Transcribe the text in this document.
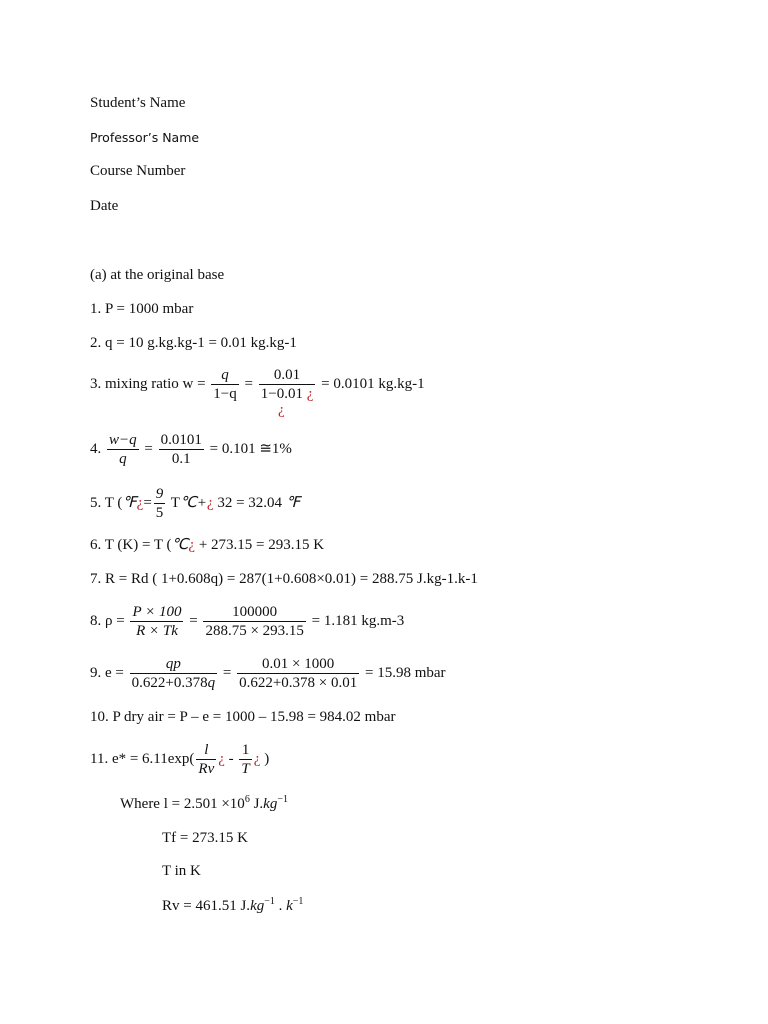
Student’s Name
Professor’s Name
Course Number
Date
(a) at the original base
1. P = 1000 mbar
2. q = 10 g.kg.kg-1 = 0.01 kg.kg-1
3. mixing ratio $w = \frac{q}{1-q} = \frac{0.01}{1-0.01 ¿} = 0.0101$ kg.kg-1
¿
4. $\frac{w-q}{q} = \frac{0.0101}{0.1} = 0.101$ ≅1%
5. T (℉¿= $\frac{9}{5}$ T℃+¿ 32 = 32.04 ℉
6. T (K) = T (℃¿ + 273.15 = 293.15 K
7. R = Rd ( 1+0.608q) = 287(1+0.608×0.01) = 288.75 J.kg-1.k-1
8. $\rho = \frac{P \times 100}{R \times Tk} = \frac{100000}{288.75 \times 293.15} = 1.181$ kg.m-3
9. $e = \frac{qp}{0.622+0.378q} = \frac{0.01 \times 1000}{0.622+0.378 \times 0.01} = 15.98$ mbar
10. P dry air = P – e = 1000 – 15.98 = 984.02 mbar
11. $e* = 6.11\exp( \frac{l}{Rv}$ ¿ - $\frac{1}{T}$ ¿ )
Where $l = 2.501 \times 10^6$ $J.kg^{-1}$
Tf = 273.15 K
T in K
Rv = 461.51 $J.kg^{-1}$ . $k^{-1}$
